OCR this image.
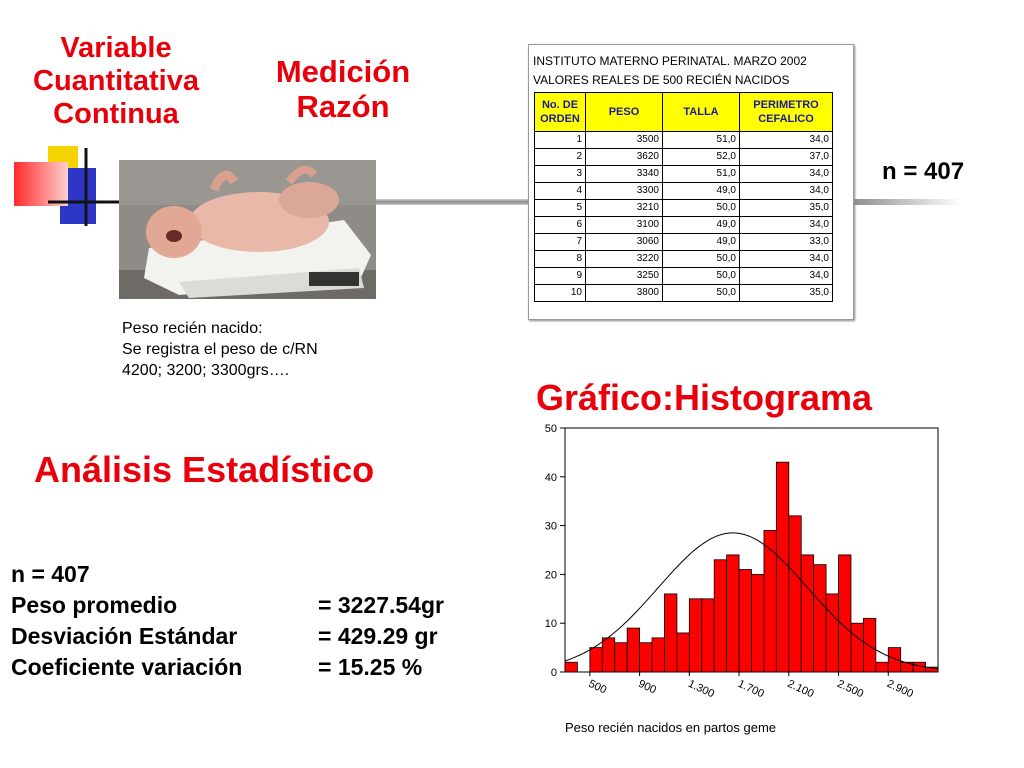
Variable
Cuantitativa
Continua
Medición
Razón
Peso recién nacido:
Se registra el peso de c/RN
4200; 3200; 3300grs….
INSTITUTO MATERNO PERINATAL. MARZO 2002
VALORES REALES DE 500 RECIÉN NACIDOS
No. DE ORDEN	PESO	TALLA	PERIMETRO CEFALICO
1	3500	51,0	34,0
2	3620	52,0	37,0
3	3340	51,0	34,0
4	3300	49,0	34,0
5	3210	50,0	35,0
6	3100	49,0	34,0
7	3060	49,0	33,0
8	3220	50,0	34,0
9	3250	50,0	34,0
10	3800	50,0	35,0
n = 407
Gráfico:Histograma
Análisis Estadístico
n = 407
Peso promedio	= 3227.54gr
Desviación Estándar	= 429.29 gr
Coeficiente variación	= 15.25 %	0
10
20
30
40
50
500	900	1.300 1.700 2.100 2.500 2.900
Peso recién nacidos en partos geme
